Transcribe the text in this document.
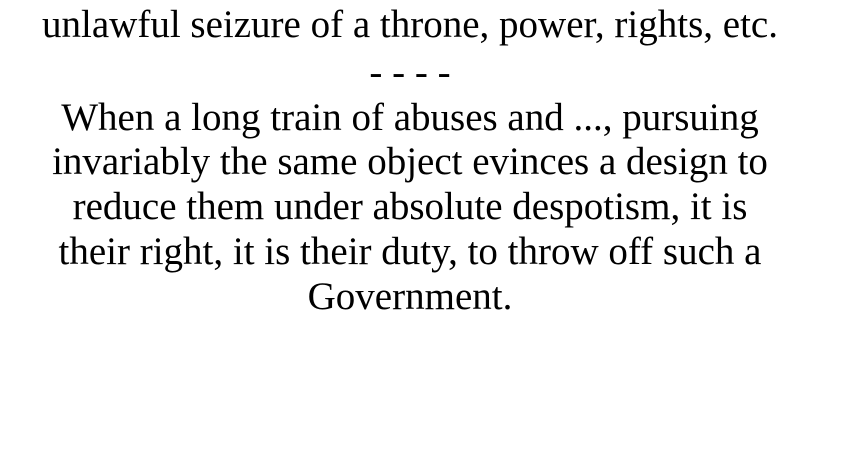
unlawful seizure of a throne, power, rights, etc.
- - - -
When a long train of abuses and ..., pursuing
invariably the same object evinces a design to
reduce them under absolute despotism, it is
their right, it is their duty, to throw off such a
Government.
